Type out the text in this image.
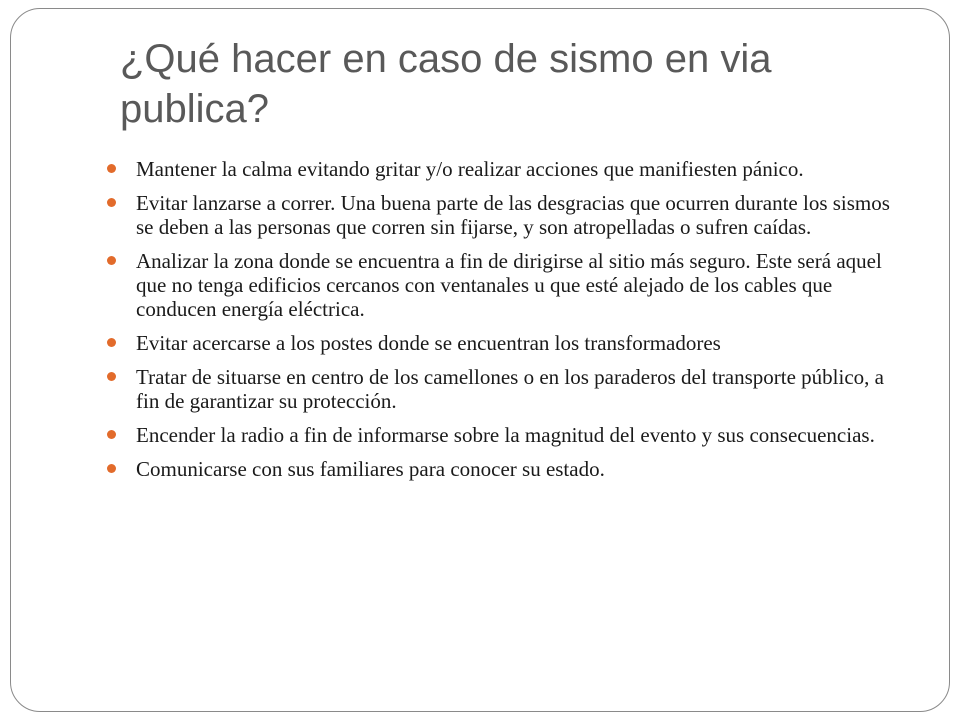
¿Qué hacer en caso de sismo en via publica?
Mantener la calma evitando gritar y/o realizar acciones que manifiesten pánico.
Evitar lanzarse a correr. Una buena parte de las desgracias que ocurren durante los sismos se deben a las personas que corren sin fijarse, y son atropelladas o sufren caídas.
Analizar la zona donde se encuentra a fin de dirigirse al sitio más seguro. Este será aquel que no tenga edificios cercanos con ventanales u que esté alejado de los cables que conducen energía eléctrica.
Evitar acercarse a los postes donde se encuentran los transformadores
Tratar de situarse en centro de los camellones o en los paraderos del transporte público, a fin de garantizar su protección.
Encender la radio a fin de informarse sobre la magnitud del evento y sus consecuencias.
Comunicarse con sus familiares para conocer su estado.
